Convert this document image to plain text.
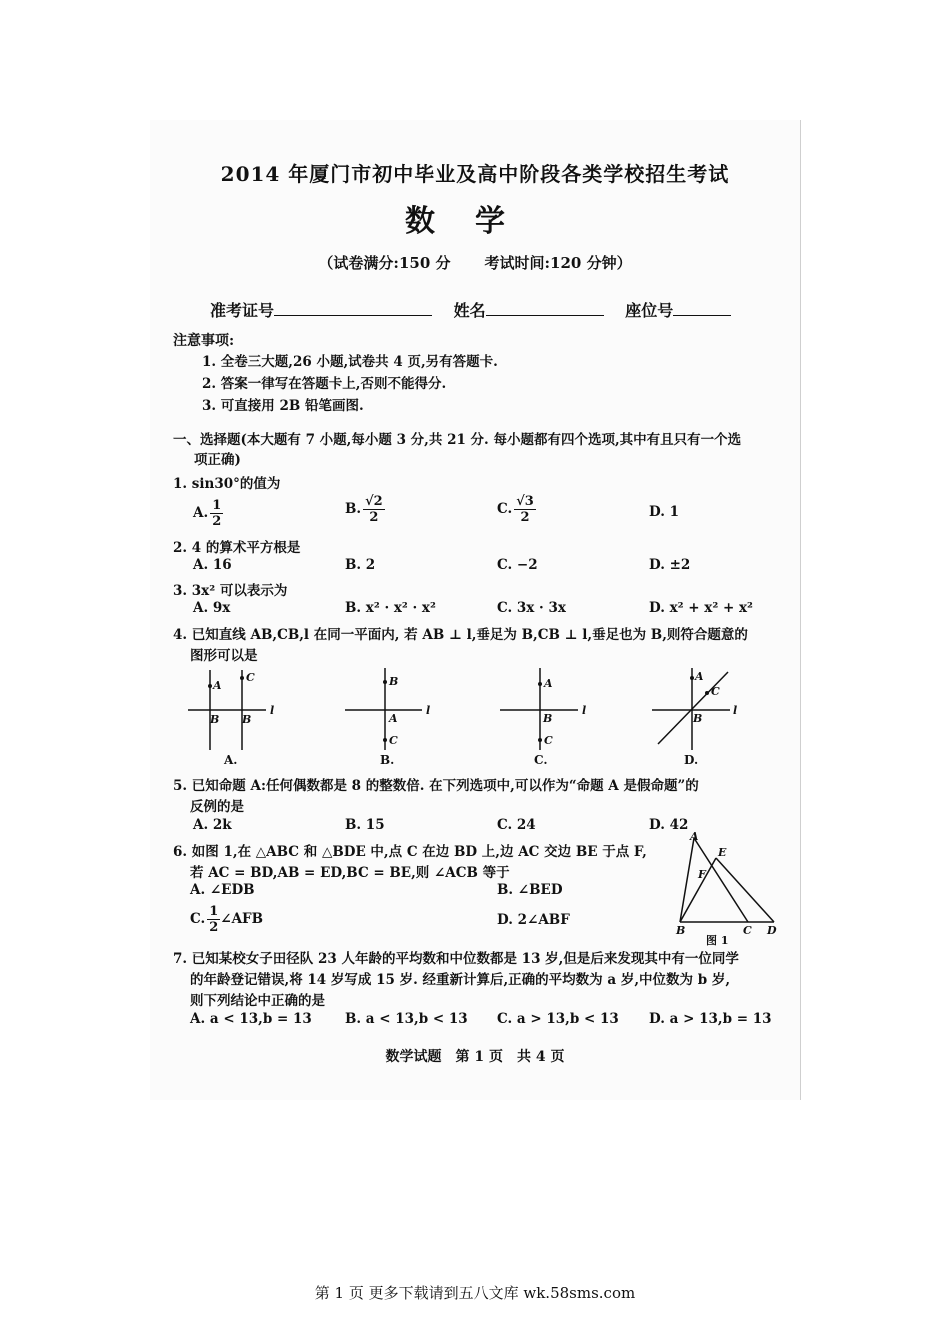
2014 年厦门市初中毕业及高中阶段各类学校招生考试
数学
（试卷满分:150 分 考试时间:120 分钟）
准考证号	姓名	座位号
注意事项:
1. 全卷三大题,26 小题,试卷共 4 页,另有答题卡.
2. 答案一律写在答题卡上,否则不能得分.
3. 可直接用 2B 铅笔画图.
一、选择题(本大题有 7 小题,每小题 3 分,共 21 分. 每小题都有四个选项,其中有且只有一个选
项正确)
1. sin30°的值为
A. $\frac{1}{2}$	B. $\frac{√2}{2}$	C. $\frac{√3}{2}$	D. 1
2. 4 的算术平方根是
A. 16	B. 2	C. −2	D. ±2
3. 3x² 可以表示为
A. 9x	B. x² · x² · x²	C. 3x · 3x	D. x² + x² + x²
4. 已知直线 AB,CB,l 在同一平面内, 若 AB ⊥ l,垂足为 B,CB ⊥ l,垂足也为 B,则符合题意的
图形可以是
A
C
B B
l
B
A
C
l
A
B
C
l
A
C
B
l
A.	B.	C.	D.
5. 已知命题 A:任何偶数都是 8 的整数倍. 在下列选项中,可以作为“命题 A 是假命题”的
反例的是
A. 2k	B. 15	C. 24	D. 42
6. 如图 1,在 △ABC 和 △BDE 中,点 C 在边 BD 上,边 AC 交边 BE 于点 F,
若 AC = BD,AB = ED,BC = BE,则 ∠ACB 等于
A. ∠EDB	B. ∠BED
C. $\frac{1}{2}$ ∠AFB	D. 2∠ABF
A
E
F
B	C D
图 1
7. 已知某校女子田径队 23 人年龄的平均数和中位数都是 13 岁,但是后来发现其中有一位同学
的年龄登记错误,将 14 岁写成 15 岁. 经重新计算后,正确的平均数为 a 岁,中位数为 b 岁,
则下列结论中正确的是
A. a < 13,b = 13 B. a < 13,b < 13 C. a > 13,b < 13 D. a > 13,b = 13
数学试题　第 1 页　共 4 页
第 1 页 更多下载请到五八文库 wk.58sms.com
